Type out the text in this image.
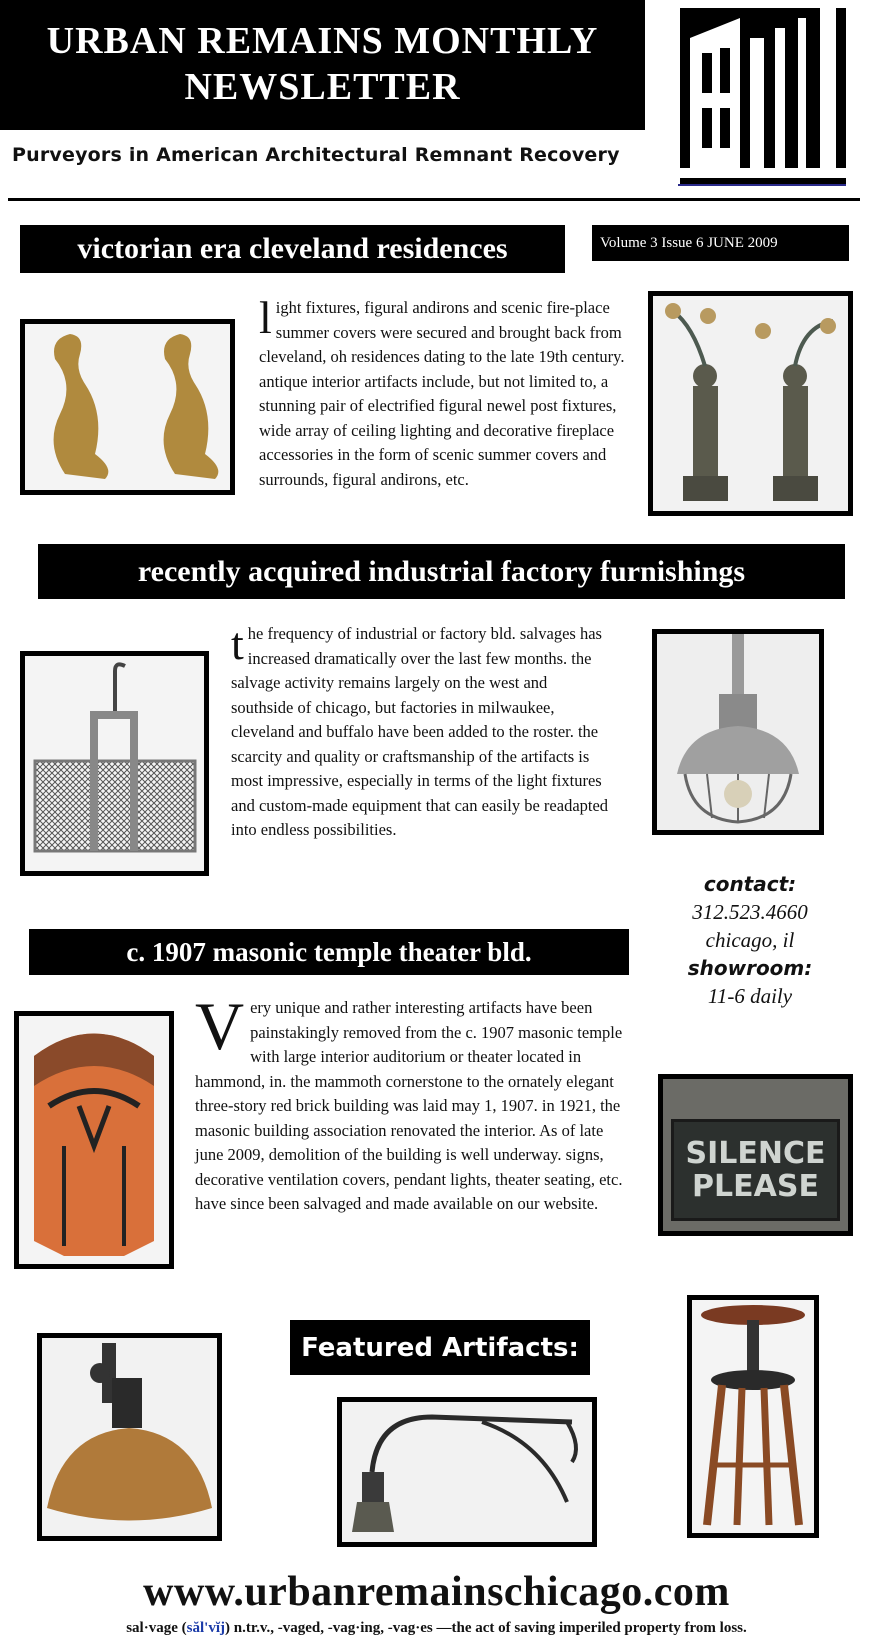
URBAN REMAINS MONTHLY
NEWSLETTER
Purveyors in American Architectural Remnant Recovery
victorian era cleveland residences	Volume 3 Issue 6 JUNE 2009
light fixtures, figural andirons and scenic fire-place summer covers were secured and brought back from cleveland, oh residences dating to the late 19th century. antique interior artifacts include, but not limited to, a stunning pair of electrified figural newel post fixtures, wide array of ceiling lighting and decorative fireplace accessories in the form of scenic summer covers and surrounds, figural andirons, etc.
recently acquired industrial factory furnishings
the frequency of industrial or factory bld. salvages has increased dramatically over the last few months. the salvage activity remains largely on the west and southside of chicago, but factories in milwaukee, cleveland and buffalo have been added to the roster. the scarcity and quality or craftsmanship of the artifacts is most impressive, especially in terms of the light fixtures and custom-made equipment that can easily be readapted into endless possibilities.
contact:
312.523.4660
chicago, il
showroom:
11-6 daily
c. 1907 masonic temple theater bld.
Very unique and rather interesting artifacts have been painstakingly removed from the c. 1907 masonic temple with large interior auditorium or theater located in hammond, in. the mammoth cornerstone to the ornately elegant three-story red brick building was laid may 1, 1907. in 1921, the masonic building association renovated the interior. As of late june 2009, demolition of the building is well underway. signs, decorative ventilation covers, pendant lights, theater seating, etc. have since been salvaged and made available on our website.
SILENCE
PLEASE
Featured Artifacts:
www.urbanremainschicago.com
sal·vage (săl'vĭj) n.tr.v., -vaged, -vag·ing, -vag·es —the act of saving imperiled property from loss.
